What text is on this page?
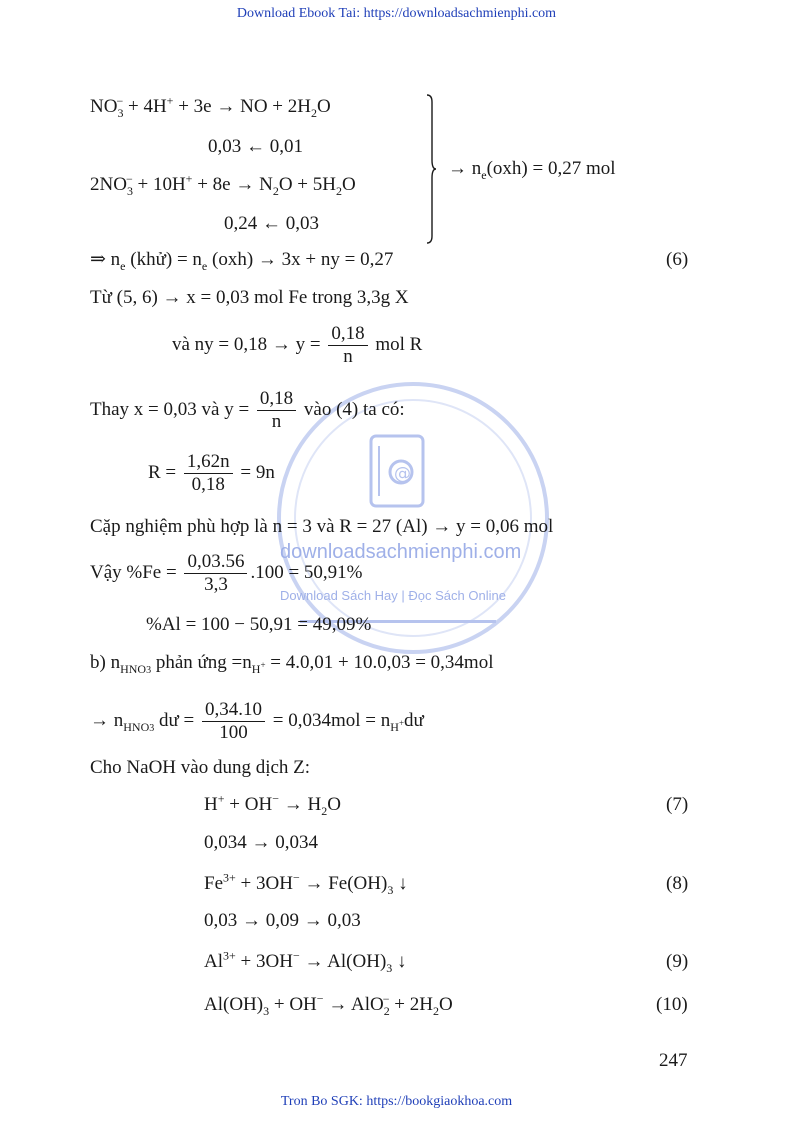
Download Ebook Tai: https://downloadsachmienphi.com
Tron Bo SGK: https://bookgiaokhoa.com
247
@
downloadsachmienphi.com
Download Sách Hay | Đọc Sách Online
$NO_3^- + 4H^+ + 3e$ → NO + $2H_2O$
0,03 ← 0,01
$2NO_3^- + 10H^+ + 8e \to N_2O + 5H_2O$
0,24 ← 0,03
→ $n_e(oxh) = 0,27$ mol
⇒ $n_e$ (khử) = $n_e$ (oxh) → 3x + ny = 0,27	(6)
Từ (5, 6) → x = 0,03 mol Fe trong 3,3g X
và ny = $0,18 \to y = \frac{0,18}{n}$ mol R
Thay x = 0,03 và $y = \frac{0,18}{n}$ vào (4) ta có:
$R = \frac{1,62n}{0,18} = 9n$
Cặp nghiệm phù hợp là n = 3 và R = 27 (Al) → y = 0,06 mol
Vậy $\%Fe = \frac{0,03.56}{3,3} .100 = 50,91\%$
%Al = 100 − 50,91 = 49,09%
b) $n_{HNO3}$ phản ứng $=n_{H^+} = 4.0,01 + 10.0,03 = 0,34mol$
→ $n_{HNO3}$ dư = $\frac{0,34.10}{100} = 0,034mol$ = $n_{H^+}dư$
Cho NaOH vào dung dịch Z:
$H^+ + OH^- \to H_2O$	(7)
0,034 → 0,034
$Fe^{3+} + 3OH^- \to Fe(OH)_3$ ↓	(8)
0,03 → 0,09 → 0,03
$Al^{3+} + 3OH^- \to Al(OH)_3$ ↓	(9)
$Al(OH)_3 + OH^- \to AlO_2^- + 2H_2O$	(10)
